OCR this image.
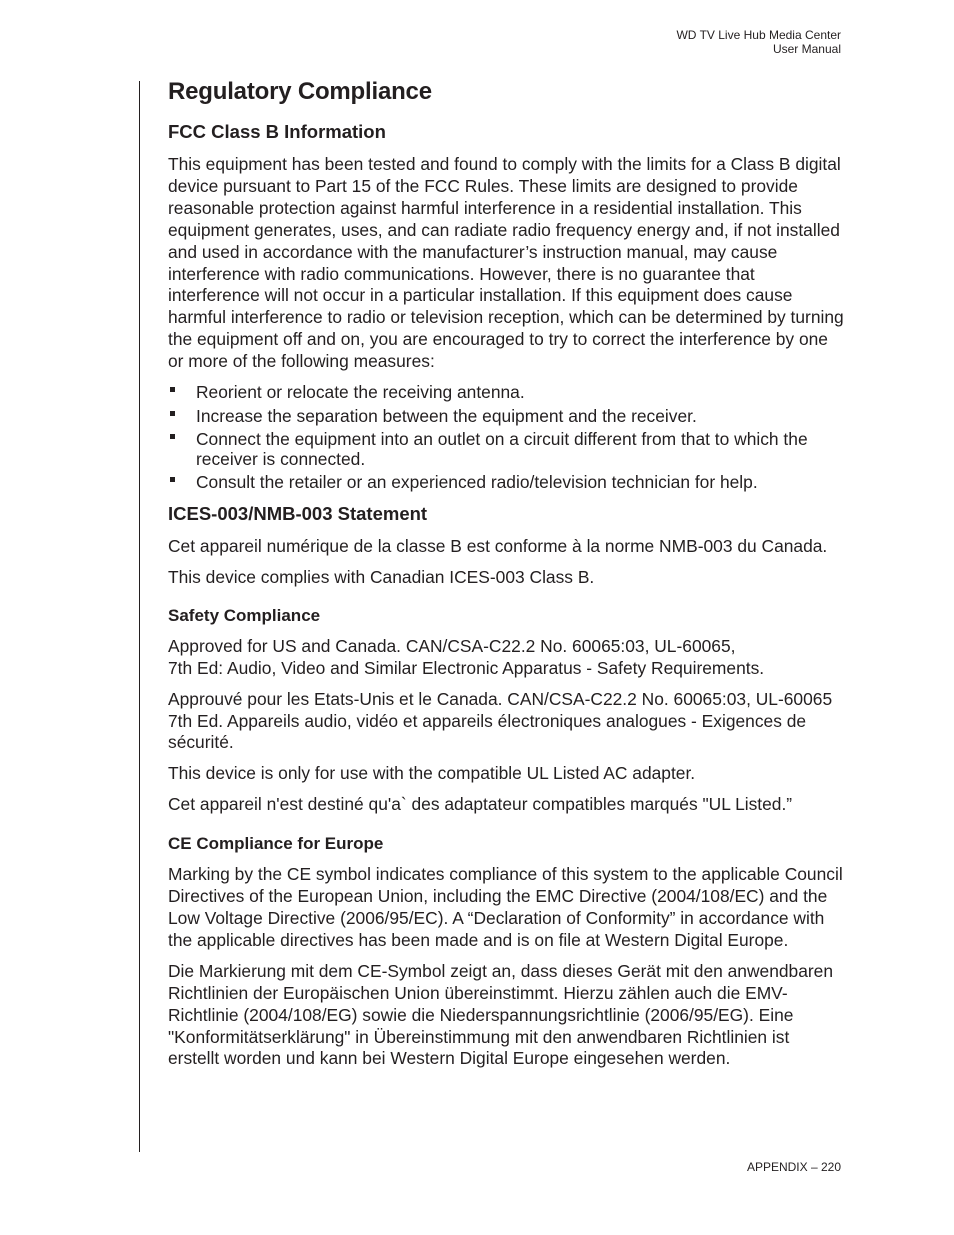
WD TV Live Hub Media Center
User Manual
Regulatory Compliance
FCC Class B Information

This equipment has been tested and found to comply with the limits for a Class B digital device pursuant to Part 15 of the FCC Rules. These limits are designed to provide reasonable protection against harmful interference in a residential installation. This equipment generates, uses, and can radiate radio frequency energy and, if not installed and used in accordance with the manufacturer’s instruction manual, may cause interference with radio communications. However, there is no guarantee that interference will not occur in a particular installation. If this equipment does cause harmful interference to radio or television reception, which can be determined by turning the equipment off and on, you are encouraged to try to correct the interference by one or more of the following measures:

Reorient or relocate the receiving antenna.
Increase the separation between the equipment and the receiver.
Connect the equipment into an outlet on a circuit different from that to which the receiver is connected.
Consult the retailer or an experienced radio/television technician for help.
ICES-003/NMB-003 Statement

Cet appareil numérique de la classe B est conforme à la norme NMB-003 du Canada.

This device complies with Canadian ICES-003 Class B.

Safety Compliance

Approved for US and Canada. CAN/CSA-C22.2 No. 60065:03, UL-60065,
7th Ed: Audio, Video and Similar Electronic Apparatus - Safety Requirements.

Approuvé pour les Etats-Unis et le Canada. CAN/CSA-C22.2 No. 60065:03, UL-60065 7th Ed. Appareils audio, vidéo et appareils électroniques analogues - Exigences de sécurité.

This device is only for use with the compatible UL Listed AC adapter.

Cet appareil n'est destiné qu'a` des adaptateur compatibles marqués "UL Listed.”

CE Compliance for Europe

Marking by the CE symbol indicates compliance of this system to the applicable Council Directives of the European Union, including the EMC Directive (2004/108/EC) and the Low Voltage Directive (2006/95/EC). A “Declaration of Conformity” in accordance with the applicable directives has been made and is on file at Western Digital Europe.

Die Markierung mit dem CE-Symbol zeigt an, dass dieses Gerät mit den anwendbaren Richtlinien der Europäischen Union übereinstimmt. Hierzu zählen auch die EMV-Richtlinie (2004/108/EG) sowie die Niederspannungsrichtlinie (2006/95/EG). Eine "Konformitätserklärung" in Übereinstimmung mit den anwendbaren Richtlinien ist erstellt worden und kann bei Western Digital Europe eingesehen werden.

APPENDIX – 220
